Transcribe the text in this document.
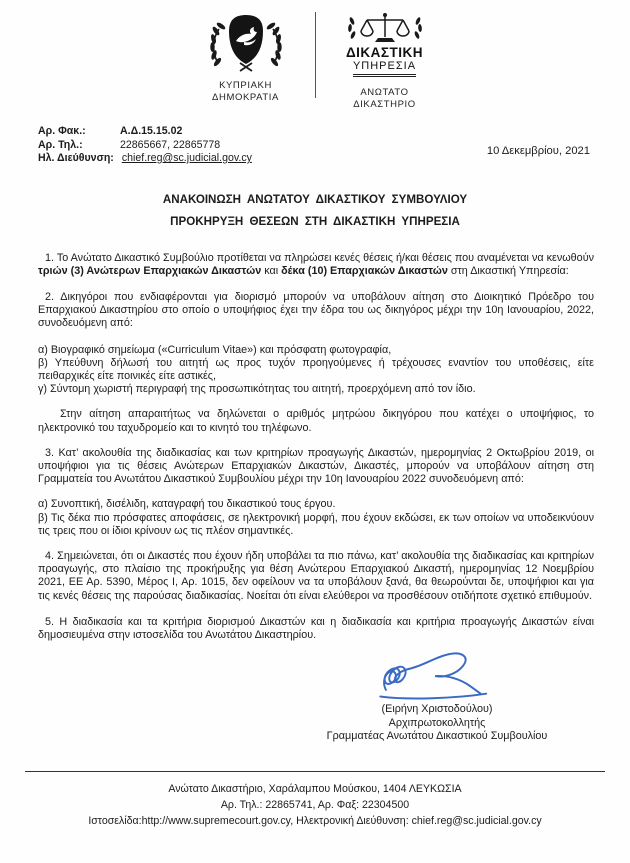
ΚΥΠΡΙΑΚΗ
ΔΗΜΟΚΡΑΤΙΑ
ΔΙΚΑΣΤΙΚΗ
ΥΠΗΡΕΣΙΑ
ΑΝΩΤΑΤΟ
ΔΙΚΑΣΤΗΡΙΟ
Αρ. Φακ.:	Α.Δ.15.15.02
Αρ. Τηλ.:	22865667, 22865778
Ηλ. Διεύθυνση: chief.reg@sc.judicial.gov.cy
10 Δεκεμβρίου, 2021
ΑΝΑΚΟΙΝΩΣΗ ΑΝΩΤΑΤΟΥ ΔΙΚΑΣΤΙΚΟΥ ΣΥΜΒΟΥΛΙΟΥ
ΠΡΟΚΗΡΥΞΗ ΘΕΣΕΩΝ ΣΤΗ ΔΙΚΑΣΤΙΚΗ ΥΠΗΡΕΣΙΑ

1. Το Ανώτατο Δικαστικό Συμβούλιο προτίθεται να πληρώσει κενές θέσεις ή/και θέσεις που αναμένεται να κενωθούν τριών (3) Ανώτερων Επαρχιακών Δικαστών και δέκα (10) Επαρχιακών Δικαστών στη Δικαστική Υπηρεσία:

2. Δικηγόροι που ενδιαφέρονται για διορισμό μπορούν να υποβάλουν αίτηση στο Διοικητικό Πρόεδρο του Επαρχιακού Δικαστηρίου στο οποίο ο υποψήφιος έχει την έδρα του ως δικηγόρος μέχρι την 10η Ιανουαρίου, 2022, συνοδευόμενη από:

α) Βιογραφικό σημείωμα («Curriculum Vitae») και πρόσφατη φωτογραφία,

β) Υπεύθυνη δήλωσή του αιτητή ως προς τυχόν προηγούμενες ή τρέχουσες εναντίον του υποθέσεις, είτε πειθαρχικές είτε ποινικές είτε αστικές,

γ) Σύντομη χωριστή περιγραφή της προσωπικότητας του αιτητή, προερχόμενη από τον ίδιο.

Στην αίτηση απαραιτήτως να δηλώνεται ο αριθμός μητρώου δικηγόρου που κατέχει ο υποψήφιος, το ηλεκτρονικό του ταχυδρομείο και το κινητό του τηλέφωνο.

3. Κατ’ ακολουθία της διαδικασίας και των κριτηρίων προαγωγής Δικαστών, ημερομηνίας 2 Οκτωβρίου 2019, οι υποψήφιοι για τις θέσεις Ανώτερων Επαρχιακών Δικαστών, Δικαστές, μπορούν να υποβάλουν αίτηση στη Γραμματεία του Ανωτάτου Δικαστικού Συμβουλίου μέχρι την 10η Ιανουαρίου 2022 συνοδευόμενη από:

α) Συνοπτική, δισέλιδη, καταγραφή του δικαστικού τους έργου.

β) Τις δέκα πιο πρόσφατες αποφάσεις, σε ηλεκτρονική μορφή, που έχουν εκδώσει, εκ των οποίων να υποδεικνύουν τις τρεις που οι ίδιοι κρίνουν ως τις πλέον σημαντικές.

4. Σημειώνεται, ότι οι Δικαστές που έχουν ήδη υποβάλει τα πιο πάνω, κατ’ ακολουθία της διαδικασίας και κριτηρίων προαγωγής, στο πλαίσιο της προκήρυξης για θέση Ανώτερου Επαρχιακού Δικαστή, ημερομηνίας 12 Νοεμβρίου 2021, ΕΕ Αρ. 5390, Μέρος Ι, Αρ. 1015, δεν οφείλουν να τα υποβάλουν ξανά, θα θεωρούνται δε, υποψήφιοι και για τις κενές θέσεις της παρούσας διαδικασίας. Νοείται ότι είναι ελεύθεροι να προσθέσουν οτιδήποτε σχετικό επιθυμούν.

5. Η διαδικασία και τα κριτήρια διορισμού Δικαστών και η διαδικασία και κριτήρια προαγωγής Δικαστών είναι δημοσιευμένα στην ιστοσελίδα του Ανωτάτου Δικαστηρίου.

(Ειρήνη Χριστοδούλου)
Αρχιπρωτοκολλητής
Γραμματέας Ανωτάτου Δικαστικού Συμβουλίου
Ανώτατο Δικαστήριο, Χαράλαμπου Μούσκου, 1404 ΛΕΥΚΩΣΙΑ
Αρ. Τηλ.: 22865741, Αρ. Φαξ: 22304500
Ιστοσελίδα:http://www.supremecourt.gov.cy, Ηλεκτρονική Διεύθυνση: chief.reg@sc.judicial.gov.cy
